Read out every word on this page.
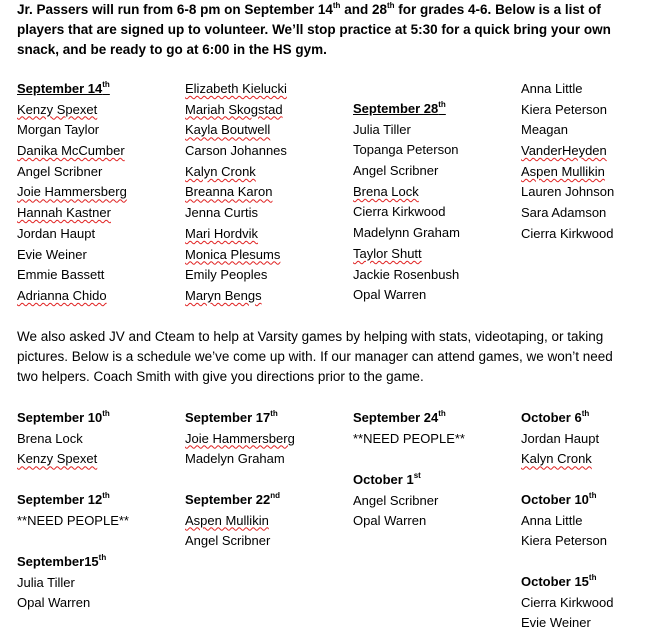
Jr. Passers will run from 6-8 pm on September 14th and 28th for grades 4-6. Below is a list of players that are signed up to volunteer. We’ll stop practice at 5:30 for a quick bring your own snack, and be ready to go at 6:00 in the HS gym.
September 14th
Kenzy Spexet
Morgan Taylor
Danika McCumber
Angel Scribner
Joie Hammersberg
Hannah Kastner
Jordan Haupt
Evie Weiner
Emmie Bassett
Adrianna Chido
Elizabeth Kielucki
Mariah Skogstad
Kayla Boutwell
Carson Johannes
Kalyn Cronk
Breanna Karon
Jenna Curtis
Mari Hordvik
Monica Plesums
Emily Peoples
Maryn Bengs
September 28th
Julia Tiller
Topanga Peterson
Angel Scribner
Brena Lock
Cierra Kirkwood
Madelynn Graham
Taylor Shutt
Jackie Rosenbush
Opal Warren
Anna Little
Kiera Peterson
Meagan
VanderHeyden
Aspen Mullikin
Lauren Johnson
Sara Adamson
Cierra Kirkwood
We also asked JV and Cteam to help at Varsity games by helping with stats, videotaping, or taking pictures. Below is a schedule we’ve come up with. If our manager can attend games, we won’t need two helpers. Coach Smith with give you directions prior to the game.
September 10th
Brena Lock
Kenzy Spexet
September 12th
**NEED PEOPLE**
September15th
Julia Tiller
Opal Warren
September 17th
Joie Hammersberg
Madelyn Graham
September 22nd
Aspen Mullikin
Angel Scribner
September 24th
**NEED PEOPLE**
October 1st
Angel Scribner
Opal Warren
October 6th
Jordan Haupt
Kalyn Cronk
October 10th
Anna Little
Kiera Peterson
October 15th
Cierra Kirkwood
Evie Weiner
